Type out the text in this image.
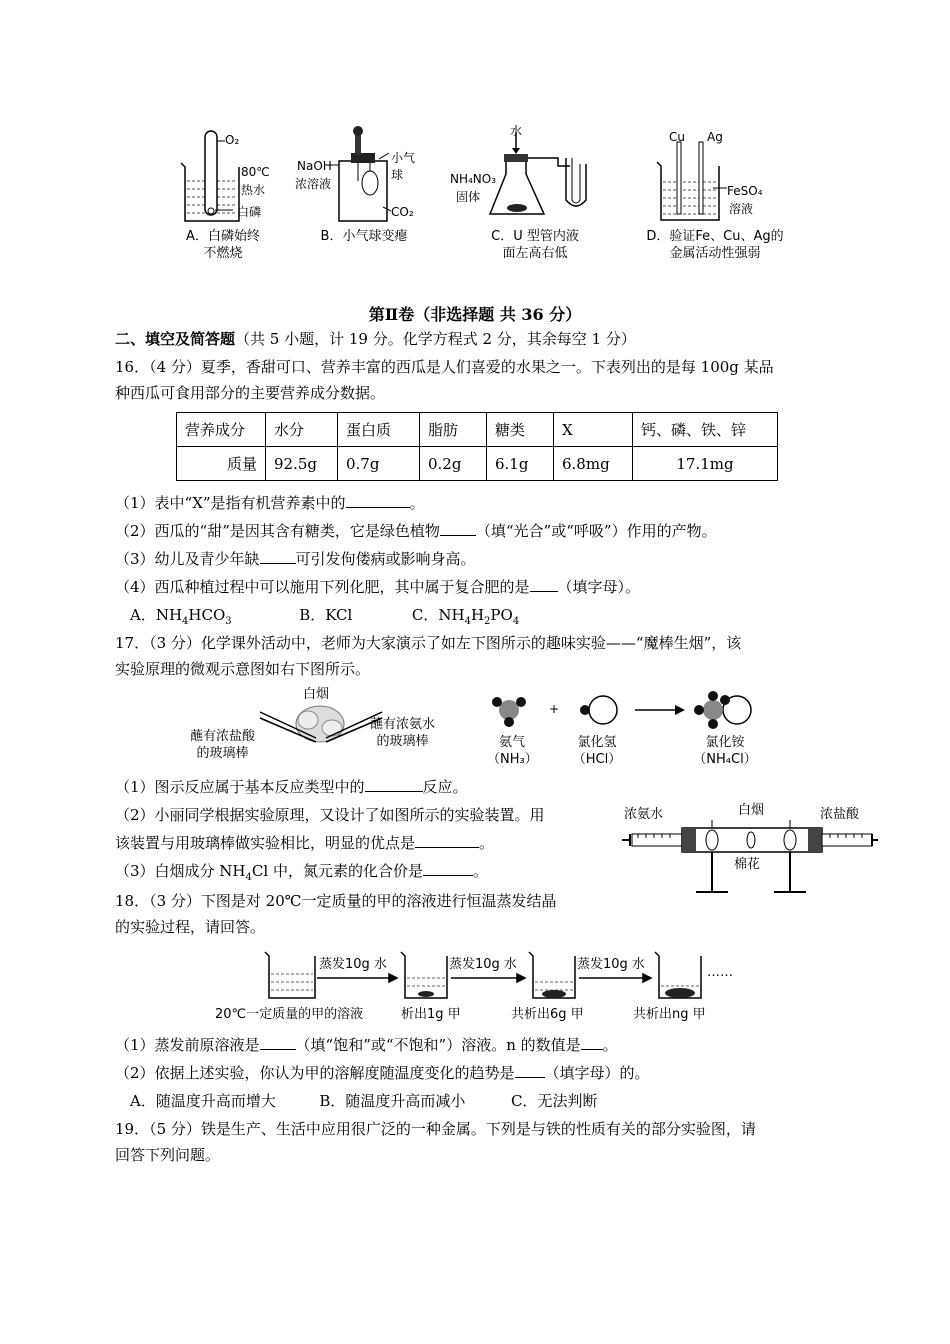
O₂
80℃
热水
白磷
A．白磷始终
不燃烧
NaOH
浓溶液
小气球
CO₂
B．小气球变瘪
水
NH₄NO₃
固体
C．U 型管内液
面左高右低
Cu Ag
FeSO₄
溶液
D．验证Fe、Cu、Ag的
金属活动性强弱
第Ⅱ卷（非选择题 共 36 分）
二、填空及简答题（共 5 小题，计 19 分。化学方程式 2 分，其余每空 1 分）
16．（4 分）夏季，香甜可口、营养丰富的西瓜是人们喜爱的水果之一。下表列出的是每 100g 某品
种西瓜可食用部分的主要营养成分数据。
营养成分	水分	蛋白质	脂肪	糖类	X	钙、磷、铁、锌
质量	92.5g	0.7g	0.2g	6.1g	6.8mg	17.1mg
（1）表中“X”是指有机营养素中的	。
（2）西瓜的“甜”是因其含有糖类，它是绿色植物 （填“光合”或“呼吸”）作用的产物。
（3）幼儿及青少年缺 可引发佝偻病或影响身高。
（4）西瓜种植过程中可以施用下列化肥，其中属于复合肥的是 （填字母）。
A．$NH_4HCO_3$	B．KCl	C．$NH_4H_2PO_4$
17．（3 分）化学课外活动中，老师为大家演示了如左下图所示的趣味实验——“魔棒生烟”，该
实验原理的微观示意图如右下图所示。
白烟
蘸有浓盐酸
的玻璃棒
蘸有浓氨水
的玻璃棒
+
氨气
（NH₃）
氯化氢
（HCl）
氯化铵
（NH₄Cl）
（1）图示反应属于基本反应类型中的	反应。
（2）小丽同学根据实验原理，又设计了如图所示的实验装置。用
该装置与用玻璃棒做实验相比，明显的优点是	。
（3）白烟成分 $NH_4Cl$ 中，氮元素的化合价是	。
浓氨水	白烟	浓盐酸
棉花
18．（3 分）下图是对 20℃一定质量的甲的溶液进行恒温蒸发结晶
的实验过程，请回答。
蒸发10g 水	蒸发10g 水	蒸发10g 水
……
20℃一定质量的甲的溶液	析出1g 甲	共析出6g 甲	共析出ng 甲
（1）蒸发前原溶液是 （填“饱和”或“不饱和”）溶液。n 的数值是 。
（2）依据上述实验，你认为甲的溶解度随温度变化的趋势是 （填字母）的。
A．随温度升高而增大	B．随温度升高而减小	C．无法判断
19．（5 分）铁是生产、生活中应用很广泛的一种金属。下列是与铁的性质有关的部分实验图，请
回答下列问题。
